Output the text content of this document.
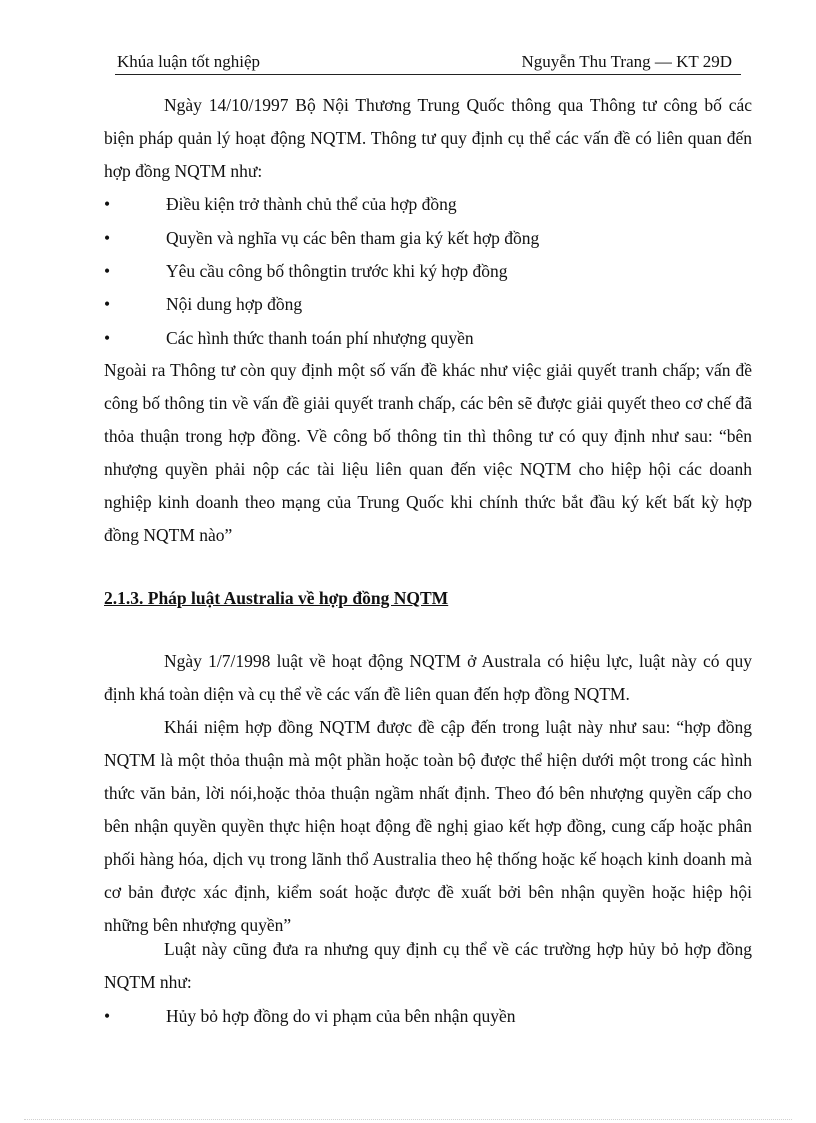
Khúa luận tốt nghiệp	Nguyễn Thu Trang — KT 29D

Ngày 14/10/1997 Bộ Nội Thương Trung Quốc thông qua Thông tư công bố các biện pháp quản lý hoạt động NQTM. Thông tư quy định cụ thể các vấn đề có liên quan đến hợp đồng NQTM như:

•	Điều kiện trở thành chủ thể của hợp đồng
•	Quyền và nghĩa vụ các bên tham gia ký kết hợp đồng
•	Yêu cầu công bố thôngtin trước khi ký hợp đồng
•	Nội dung hợp đồng
•	Các hình thức thanh toán phí nhượng quyền

Ngoài ra Thông tư còn quy định một số vấn đề khác như việc giải quyết tranh chấp; vấn đề công bố thông tin về vấn đề giải quyết tranh chấp, các bên sẽ được giải quyết theo cơ chế đã thỏa thuận trong hợp đồng. Về công bố thông tin thì thông tư có quy định như sau: “bên nhượng quyền phải nộp các tài liệu liên quan đến việc NQTM cho hiệp hội các doanh nghiệp kinh doanh theo mạng của Trung Quốc khi chính thức bắt đầu ký kết bất kỳ hợp đồng NQTM nào”

2.1.3. Pháp luật Australia về hợp đồng NQTM

Ngày 1/7/1998 luật về hoạt động NQTM ở Australa có hiệu lực, luật này có quy định khá toàn diện và cụ thể về các vấn đề liên quan đến hợp đồng NQTM.

Khái niệm hợp đồng NQTM được đề cập đến trong luật này như sau: “hợp đồng NQTM là một thỏa thuận mà một phần hoặc toàn bộ được thể hiện dưới một trong các hình thức văn bản, lời nói,hoặc thỏa thuận ngầm nhất định. Theo đó bên nhượng quyền cấp cho bên nhận quyền quyền thực hiện hoạt động đề nghị giao kết hợp đồng, cung cấp hoặc phân phối hàng hóa, dịch vụ trong lãnh thổ Australia theo hệ thống hoặc kế hoạch kinh doanh mà cơ bản được xác định, kiểm soát hoặc được đề xuất bởi bên nhận quyền hoặc hiệp hội những bên nhượng quyền”

Luật này cũng đưa ra nhưng quy định cụ thể về các trường hợp hủy bỏ hợp đồng NQTM như:

•	Hủy bỏ hợp đồng do vi phạm của bên nhận quyền
